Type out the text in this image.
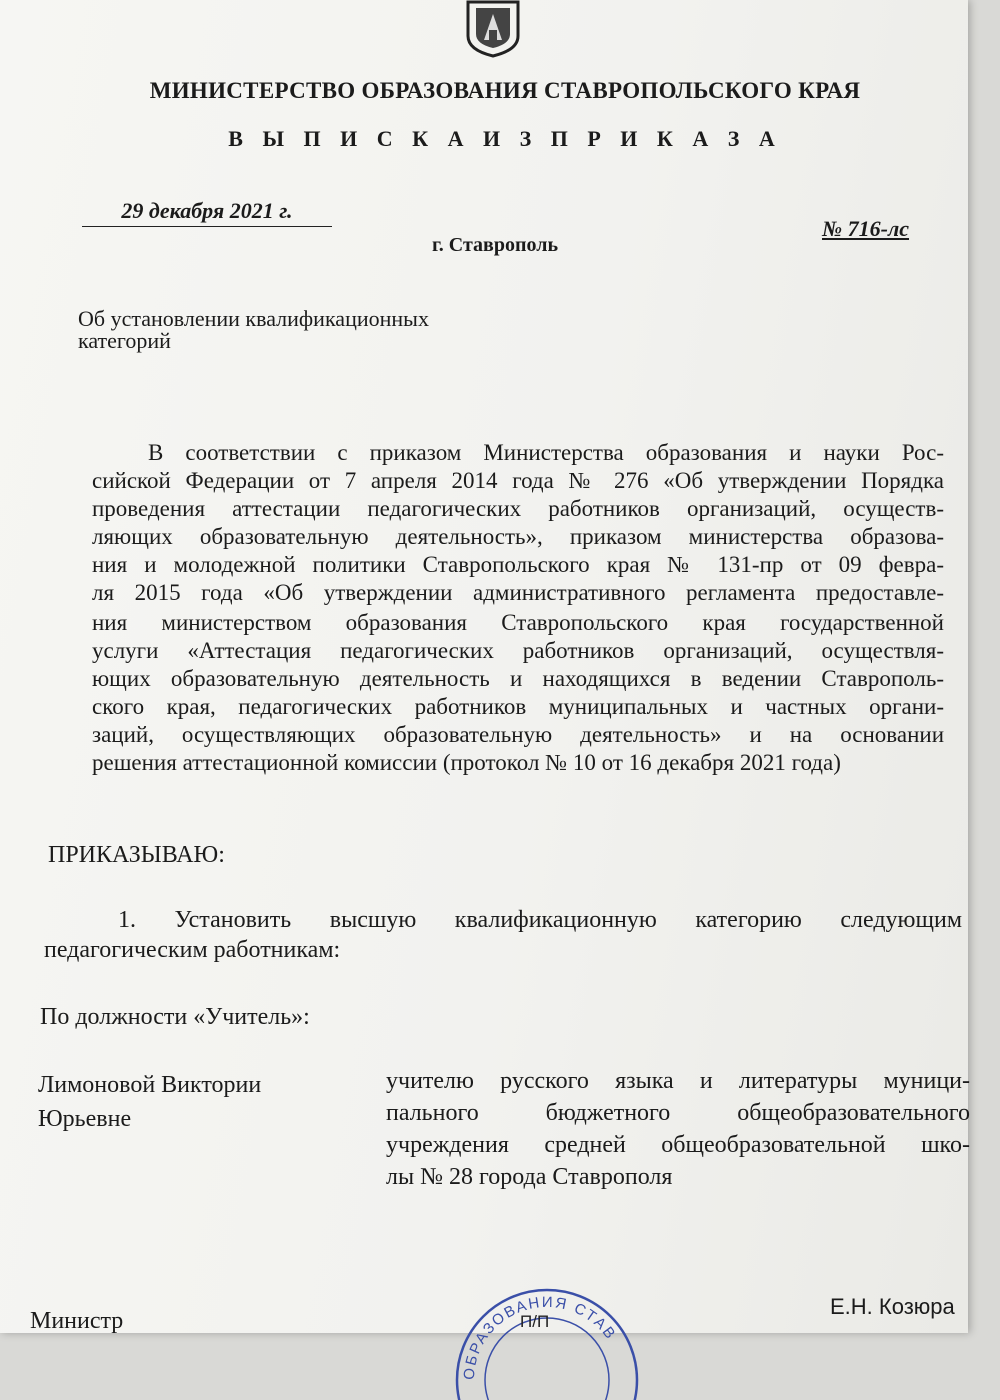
МИНИСТЕРСТВО ОБРАЗОВАНИЯ СТАВРОПОЛЬСКОГО КРАЯ
В Ы П И С К А И З П Р И К А З А
29 декабря 2021 г.
№ 716-лс
г. Ставрополь
Об установлении квалификационных
категорий
В соответствии с приказом Министерства образования и науки Рос-
сийской Федерации от 7 апреля 2014 года № 276 «Об утверждении Порядка
проведения аттестации педагогических работников организаций, осуществ-
ляющих образовательную деятельность», приказом министерства образова-
ния и молодежной политики Ставропольского края № 131-пр от 09 февра-
ля 2015 года «Об утверждении административного регламента предоставле-
ния министерством образования Ставропольского края государственной
услуги «Аттестация педагогических работников организаций, осуществля-
ющих образовательную деятельность и находящихся в ведении Ставрополь-
ского края, педагогических работников муниципальных и частных органи-
заций, осуществляющих образовательную деятельность» и на основании
решения аттестационной комиссии (протокол № 10 от 16 декабря 2021 года)
ПРИКАЗЫВАЮ:
1. Установить высшую квалификационную категорию следующим
педагогическим работникам:
По должности «Учитель»:
Лимоновой Виктории
Юрьевне
учителю русского языка и литературы муници-
пального бюджетного общеобразовательного
учреждения средней общеобразовательной шко-
лы № 28 города Ставрополя
ОБРАЗОВАНИЯ СТАВ
П/П
Министр
Е.Н. Козюра
